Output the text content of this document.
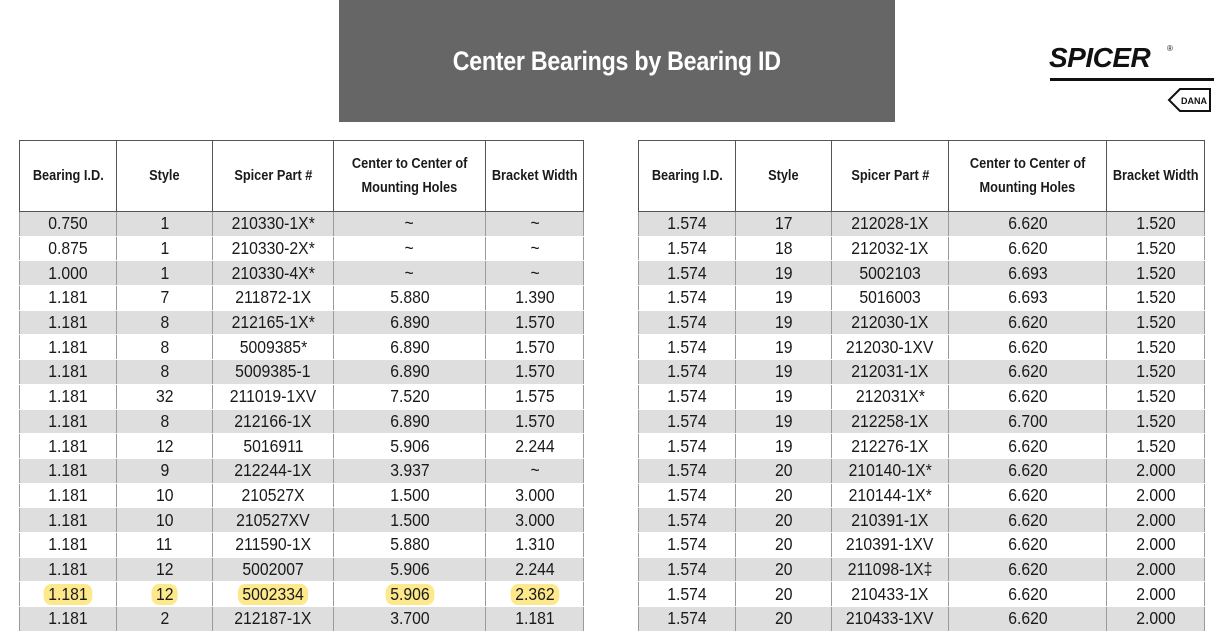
Center Bearings by Bearing ID	SPICER ®
DANA
Bearing I.D.	Style	Spicer Part #	Center to Center of
Mounting Holes	Bracket Width
0.750	1	210330-1X*	~	~
0.875	1	210330-2X*	~	~
1.000	1	210330-4X*	~	~
1.181	7	211872-1X	5.880	1.390
1.181	8	212165-1X*	6.890	1.570
1.181	8	5009385*	6.890	1.570
1.181	8	5009385-1	6.890	1.570
1.181	32	211019-1XV	7.520	1.575
1.181	8	212166-1X	6.890	1.570
1.181	12	5016911	5.906	2.244
1.181	9	212244-1X	3.937	~
1.181	10	210527X	1.500	3.000
1.181	10	210527XV	1.500	3.000
1.181	11	211590-1X	5.880	1.310
1.181	12	5002007	5.906	2.244
1.181	12	5002334	5.906	2.362
1.181	2	212187-1X	3.700	1.181
Bearing I.D.	Style	Spicer Part #	Center to Center of
Mounting Holes	Bracket Width
1.574	17	212028-1X	6.620	1.520
1.574	18	212032-1X	6.620	1.520
1.574	19	5002103	6.693	1.520
1.574	19	5016003	6.693	1.520
1.574	19	212030-1X	6.620	1.520
1.574	19	212030-1XV	6.620	1.520
1.574	19	212031-1X	6.620	1.520
1.574	19	212031X*	6.620	1.520
1.574	19	212258-1X	6.700	1.520
1.574	19	212276-1X	6.620	1.520
1.574	20	210140-1X*	6.620	2.000
1.574	20	210144-1X*	6.620	2.000
1.574	20	210391-1X	6.620	2.000
1.574	20	210391-1XV	6.620	2.000
1.574	20	211098-1X‡	6.620	2.000
1.574	20	210433-1X	6.620	2.000
1.574	20	210433-1XV	6.620	2.000
